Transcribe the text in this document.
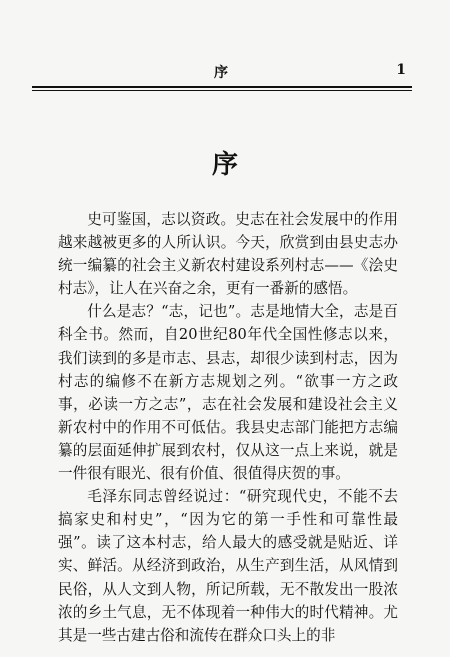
序	1
序

史可鉴国，志以资政。史志在社会发展中的作用越来越被更多的人所认识。今天，欣赏到由县史志办统一编纂的社会主义新农村建设系列村志——《浍史村志》，让人在兴奋之余，更有一番新的感悟。

什么是志？“志，记也”。志是地情大全，志是百科全书。然而，自20世纪80年代全国性修志以来，我们读到的多是市志、县志，却很少读到村志，因为村志的编修不在新方志规划之列。“欲事一方之政事，必读一方之志”，志在社会发展和建设社会主义新农村中的作用不可低估。我县史志部门能把方志编纂的层面延伸扩展到农村，仅从这一点上来说，就是一件很有眼光、很有价值、很值得庆贺的事。

毛泽东同志曾经说过：“研究现代史，不能不去搞家史和村史”，“因为它的第一手性和可靠性最强”。读了这本村志，给人最大的感受就是贴近、详实、鲜活。从经济到政治，从生产到生活，从风情到民俗，从人文到人物，所记所载，无不散发出一股浓浓的乡土气息，无不体现着一种伟大的时代精神。尤其是一些古建古俗和流传在群众口头上的非
